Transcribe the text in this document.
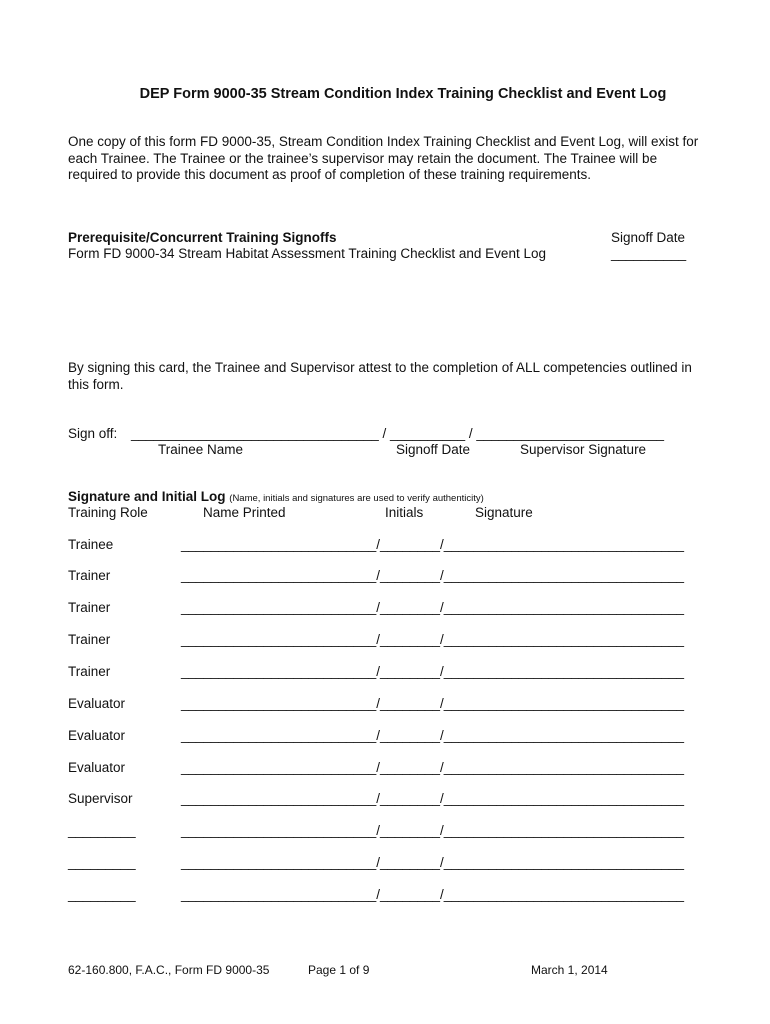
DEP Form 9000-35 Stream Condition Index Training Checklist and Event Log
One copy of this form FD 9000-35, Stream Condition Index Training Checklist and Event Log, will exist for each Trainee. The Trainee or the trainee’s supervisor may retain the document. The Trainee will be required to provide this document as proof of completion of these training requirements.
Prerequisite/Concurrent Training Signoffs	Signoff Date
Form FD 9000-34 Stream Habitat Assessment Training Checklist and Event Log	__________
By signing this card, the Trainee and Supervisor attest to the completion of ALL competencies outlined in this form.
Sign off: _________________________________ / __________ / _________________________
Trainee Name	Signoff Date	Supervisor Signature
Signature and Initial Log (Name, initials and signatures are used to verify authenticity)
Training Role	Name Printed	Initials	Signature
Trainee	__________________________/________/________________________________
Trainer	__________________________/________/________________________________
Trainer	__________________________/________/________________________________
Trainer	__________________________/________/________________________________
Trainer	__________________________/________/________________________________
Evaluator	__________________________/________/________________________________
Evaluator	__________________________/________/________________________________
Evaluator	__________________________/________/________________________________
Supervisor	__________________________/________/________________________________
_________	__________________________/________/________________________________
_________	__________________________/________/________________________________
_________	__________________________/________/________________________________
62-160.800, F.A.C., Form FD 9000-35	Page 1 of 9	March 1, 2014
